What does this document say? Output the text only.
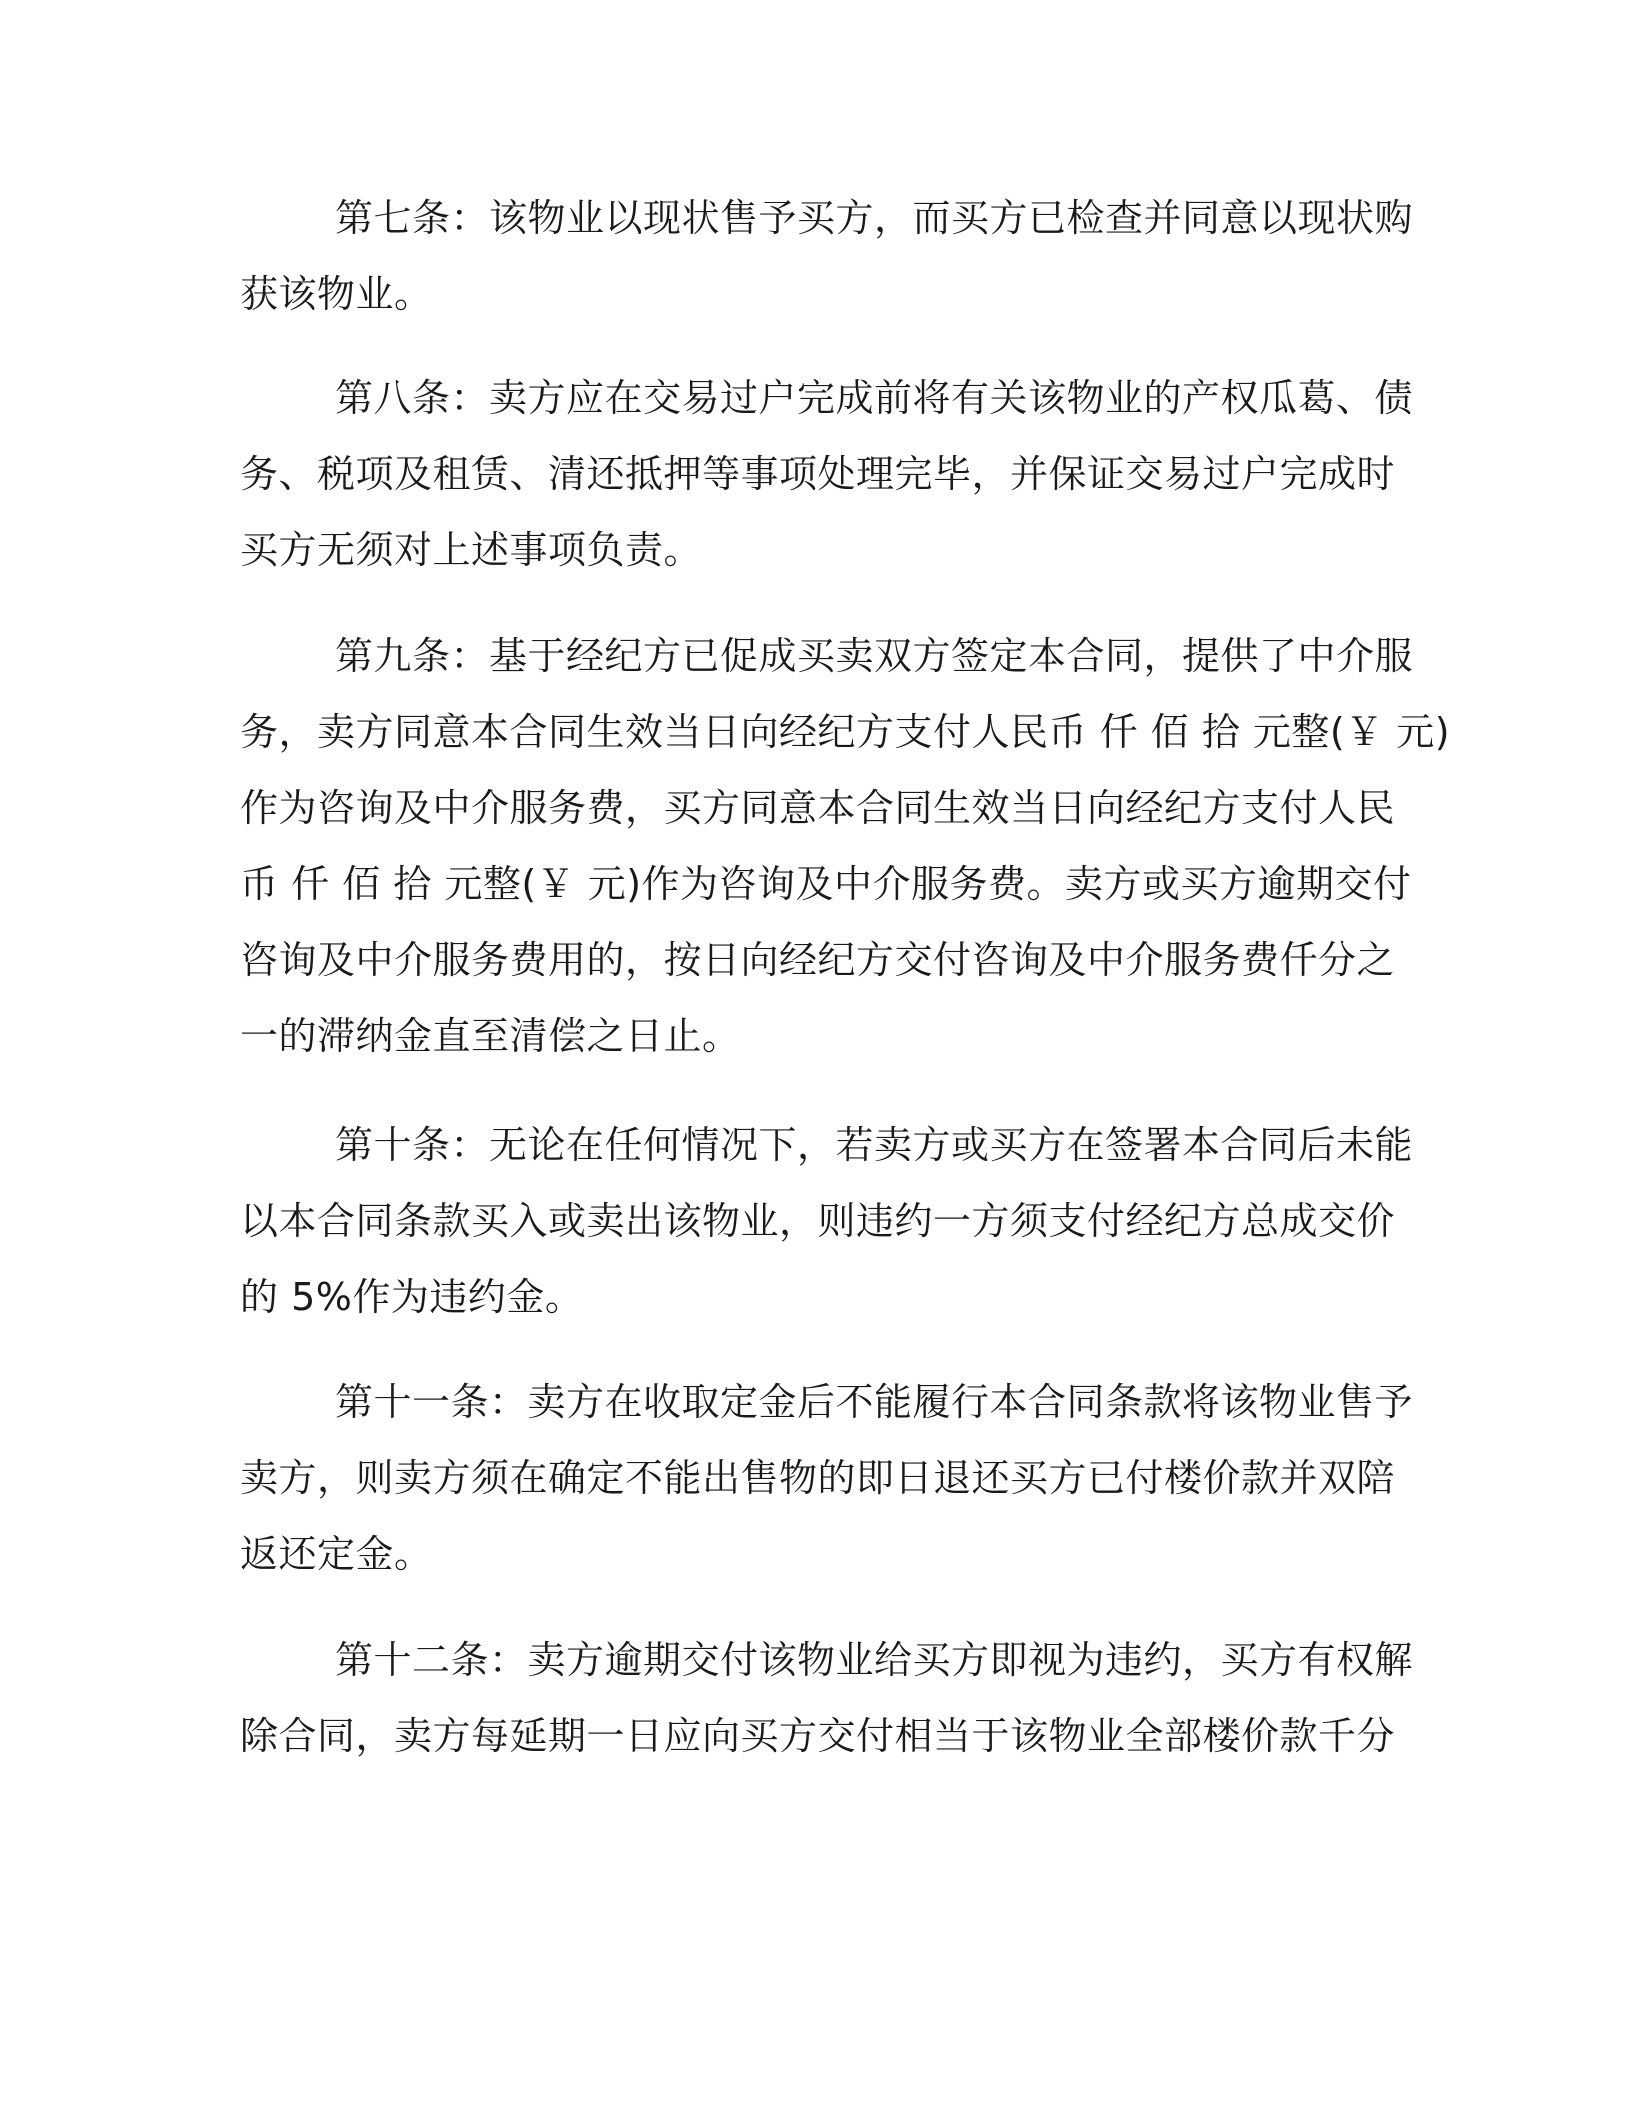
第七条：该物业以现状售予买方，而买方已检查并同意以现状购
获该物业。
第八条：卖方应在交易过户完成前将有关该物业的产权瓜葛、债
务、税项及租赁、清还抵押等事项处理完毕，并保证交易过户完成时
买方无须对上述事项负责。
第九条：基于经纪方已促成买卖双方签定本合同，提供了中介服
务，卖方同意本合同生效当日向经纪方支付人民币 仟 佰 拾 元整(￥ 元)
作为咨询及中介服务费，买方同意本合同生效当日向经纪方支付人民
币 仟 佰 拾 元整(￥ 元)作为咨询及中介服务费。卖方或买方逾期交付
咨询及中介服务费用的，按日向经纪方交付咨询及中介服务费仟分之
一的滞纳金直至清偿之日止。
第十条：无论在任何情况下，若卖方或买方在签署本合同后未能
以本合同条款买入或卖出该物业，则违约一方须支付经纪方总成交价
的 5%作为违约金。
第十一条：卖方在收取定金后不能履行本合同条款将该物业售予
卖方，则卖方须在确定不能出售物的即日退还买方已付楼价款并双陪
返还定金。
第十二条：卖方逾期交付该物业给买方即视为违约，买方有权解
除合同，卖方每延期一日应向买方交付相当于该物业全部楼价款千分
